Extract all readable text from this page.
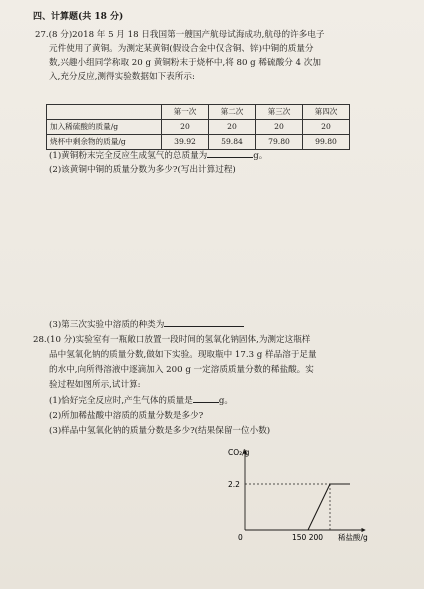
四、计算题(共 18 分)
27.(8 分)2018 年 5 月 18 日我国第一艘国产航母试海成功,航母的许多电子
元件使用了黄铜。为测定某黄铜(假设合金中仅含铜、锌)中铜的质量分
数,兴趣小组同学称取 20 g 黄铜粉末于烧杯中,将 80 g 稀硫酸分 4 次加
入,充分反应,测得实验数据如下表所示:
	第一次	第二次	第三次	第四次
加入稀硫酸的质量/g	20	20	20	20
烧杯中剩余物的质量/g	39.92	59.84	79.80	99.80
(1)黄铜粉末完全反应生成氢气的总质量为	g。
(2)该黄铜中铜的质量分数为多少?(写出计算过程)
(3)第三次实验中溶质的种类为
28.(10 分)实验室有一瓶敞口放置一段时间的氢氧化钠固体,为测定这瓶样
品中氢氧化钠的质量分数,做如下实验。现取瓶中 17.3 g 样品溶于足量
的水中,向所得溶液中逐滴加入 200 g 一定溶质质量分数的稀盐酸。实
验过程如图所示,试计算:
(1)恰好完全反应时,产生气体的质量是	g。
(2)所加稀盐酸中溶质的质量分数是多少?
(3)样品中氢氧化钠的质量分数是多少?(结果保留一位小数)
CO₂/g
2.2
0	150 200 稀盐酸/g
